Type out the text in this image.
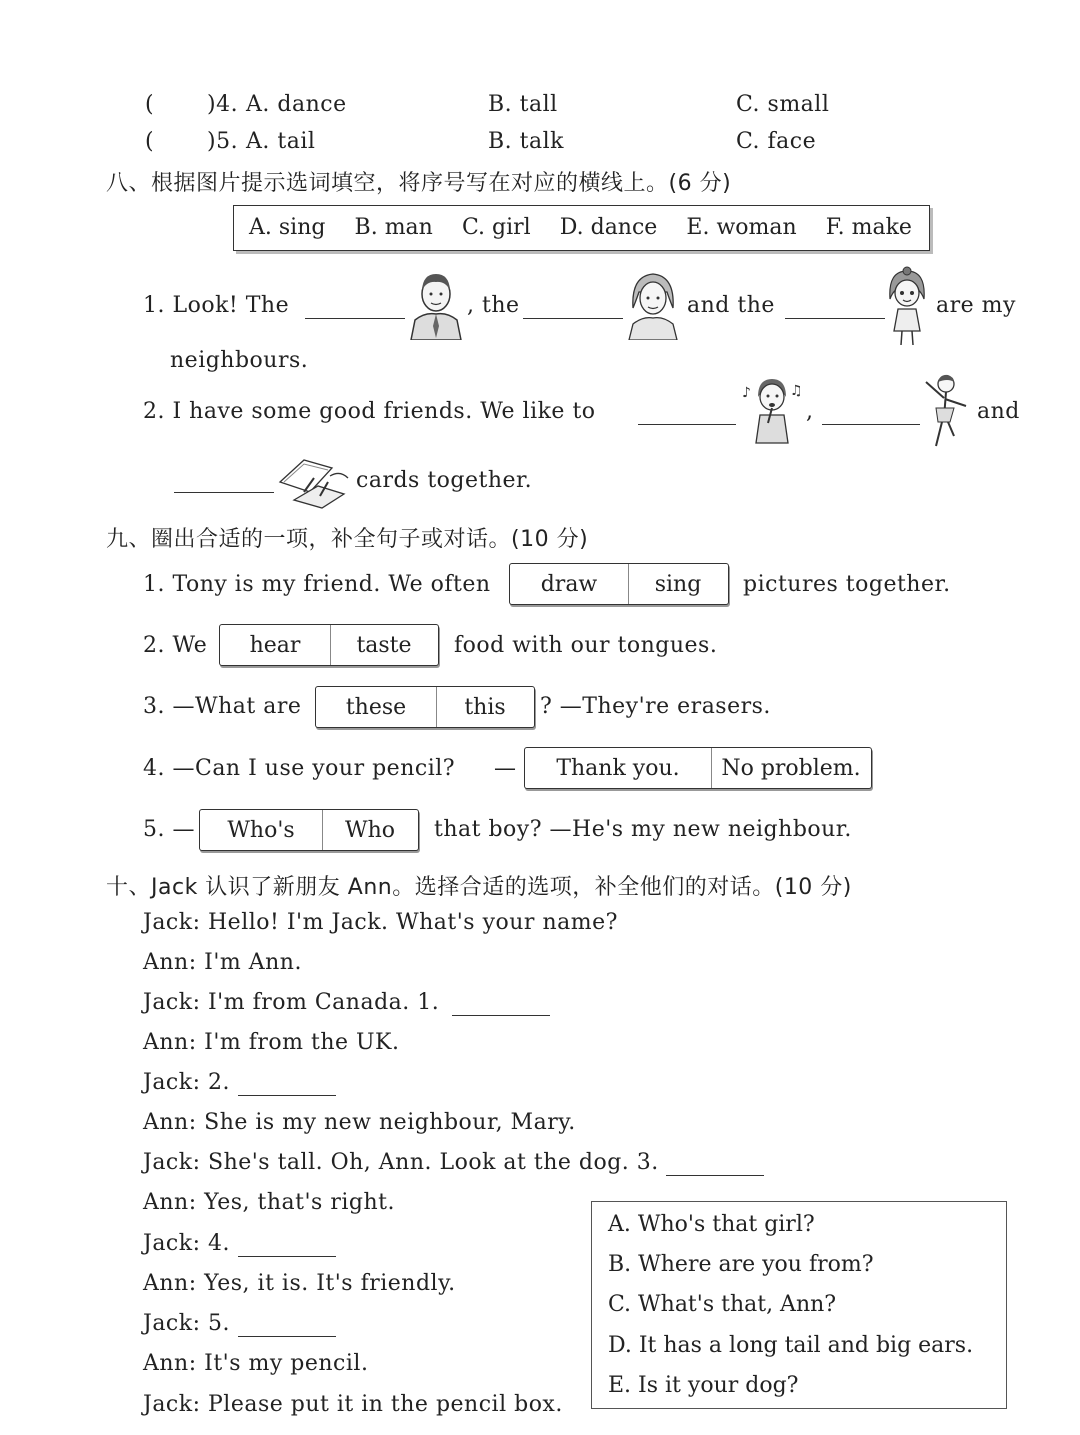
( )4. A. dance	B. tall	C. small
( )5. A. tail	B. talk	C. face
八、根据图片提示选词填空，将序号写在对应的横线上。(6 分)
A. sing B. man C. girl D. dance E. woman F. make
1. Look! The	, the	and the	are my
neighbours.
2. I have some good friends. We like to
♪	♫
,	and
cards together.
九、圈出合适的一项，补全句子或对话。(10 分)
1. Tony is my friend. We often	draw	sing	pictures together.
2. We	hear	taste	food with our tongues.
3. —What are	these	this	? —They're erasers.
4. —Can I use your pencil? —	Thank you.	No problem.
5. —	Who's	Who	that boy? —He's my new neighbour.
十、Jack 认识了新朋友 Ann。选择合适的选项，补全他们的对话。(10 分)
Jack: Hello! I'm Jack. What's your name?
Ann: I'm Ann.
Jack: I'm from Canada. 1.
Ann: I'm from the UK.
Jack: 2.
Ann: She is my new neighbour, Mary.
Jack: She's tall. Oh, Ann. Look at the dog. 3.
Ann: Yes, that's right.
Jack: 4.
Ann: Yes, it is. It's friendly.
Jack: 5.
Ann: It's my pencil.
Jack: Please put it in the pencil box.
A. Who's that girl?
B. Where are you from?
C. What's that, Ann?
D. It has a long tail and big ears.
E. Is it your dog?
